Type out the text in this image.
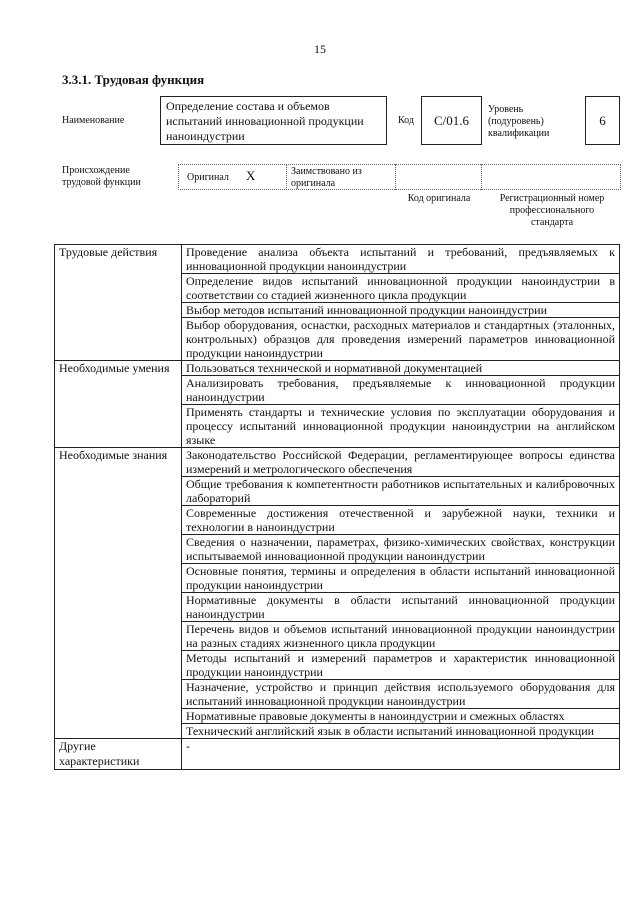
15
3.3.1. Трудовая функция
Наименование
Определение состава и объемов испытаний инновационной продукции наноиндустрии
Код C/01.6
Уровень (подуровень) квалификации
6
Происхождение трудовой функции	Оригинал X	Заимствовано из оригинала
Код оригинала	Регистрационный номер профессионального стандарта
Трудовые действия	Проведение анализа объекта испытаний и требований, предъявляемых к инновационной продукции наноиндустрии
	Определение видов испытаний инновационной продукции наноиндустрии в соответствии со стадией жизненного цикла продукции
	Выбор методов испытаний инновационной продукции наноиндустрии
	Выбор оборудования, оснастки, расходных материалов и стандартных (эталонных, контрольных) образцов для проведения измерений параметров инновационной продукции наноиндустрии
Необходимые умения	Пользоваться технической и нормативной документацией
	Анализировать требования, предъявляемые к инновационной продукции наноиндустрии
	Применять стандарты и технические условия по эксплуатации оборудования и процессу испытаний инновационной продукции наноиндустрии на английском языке
Необходимые знания	Законодательство Российской Федерации, регламентирующее вопросы единства измерений и метрологического обеспечения
	Общие требования к компетентности работников испытательных и калибровочных лабораторий
	Современные достижения отечественной и зарубежной науки, техники и технологии в наноиндустрии
	Сведения о назначении, параметрах, физико-химических свойствах, конструкции испытываемой инновационной продукции наноиндустрии
	Основные понятия, термины и определения в области испытаний инновационной продукции наноиндустрии
	Нормативные документы в области испытаний инновационной продукции наноиндустрии
	Перечень видов и объемов испытаний инновационной продукции наноиндустрии на разных стадиях жизненного цикла продукции
	Методы испытаний и измерений параметров и характеристик инновационной продукции наноиндустрии
	Назначение, устройство и принцип действия используемого оборудования для испытаний инновационной продукции наноиндустрии
	Нормативные правовые документы в наноиндустрии и смежных областях
	Технический английский язык в области испытаний инновационной продукции
Другие характеристики	-
